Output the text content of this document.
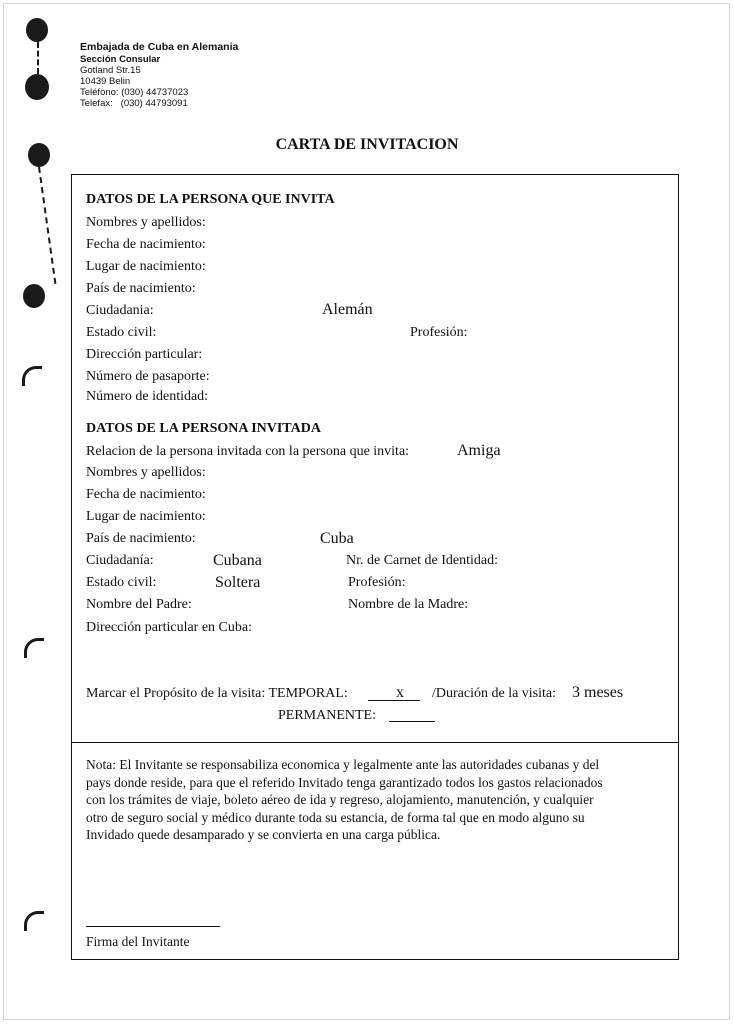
Embajada de Cuba en Alemania
Sección Consular
Gotland Str.15
10439 Belin
Teléfono: (030) 44737023
Telefax:   (030) 44793091
CARTA DE INVITACION
DATOS DE LA PERSONA QUE INVITA
Nombres y apellidos:
Fecha de nacimiento:
Lugar de nacimiento:
País de nacimiento:
Ciudadania:	Alemán
Estado civil:	Profesión:
Dirección particular:
Número de pasaporte:
Número de identidad:
DATOS DE LA PERSONA INVITADA
Relacion de la persona invitada con la persona que invita:	Amiga
Nombres y apellidos:
Fecha de nacimiento:
Lugar de nacimiento:
País de nacimiento:	Cuba
Ciudadanía:	Cubana	Nr. de Carnet de Identidad:
Estado civil:	Soltera	Profesión:
Nombre del Padre:	Nombre de la Madre:
Dirección particular en Cuba:
Marcar el Propósito de la visita: TEMPORAL:	x /Duración de la visita: 3 meses
PERMANENTE:
Nota: El Invitante se responsabiliza economica y legalmente ante las autoridades cubanas y del
pays donde reside, para que el referido Invitado tenga garantizado todos los gastos relacionados
con los trámites de viaje, boleto aéreo de ida y regreso, alojamiento, manutención, y cualquier
otro de seguro social y médico durante toda su estancia, de forma tal que en modo alguno su
Invidado quede desamparado y se convierta en una carga pública.
Firma del Invitante
